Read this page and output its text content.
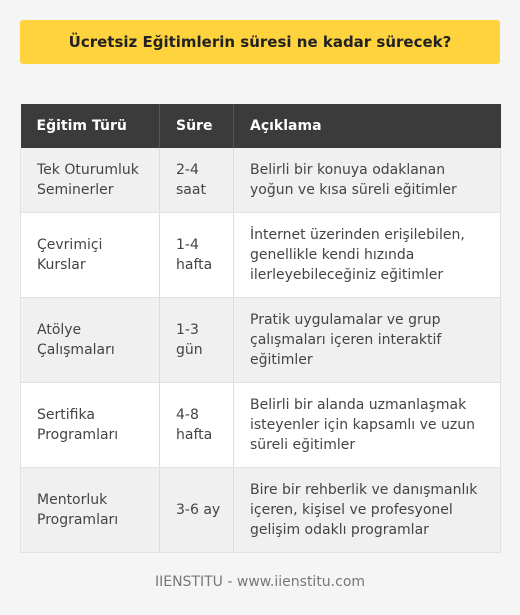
Ücretsiz Eğitimlerin süresi ne kadar sürecek?
Eğitim Türü	Süre	Açıklama
Tek Oturumluk Seminerler	2-4 saat	Belirli bir konuya odaklanan yoğun ve kısa süreli eğitimler
Çevrimiçi Kurslar	1-4 hafta	İnternet üzerinden erişilebilen, genellikle kendi hızında ilerleyebileceğiniz eğitimler
Atölye Çalışmaları	1-3 gün	Pratik uygulamalar ve grup çalışmaları içeren interaktif eğitimler
Sertifika Programları	4-8 hafta	Belirli bir alanda uzmanlaşmak isteyenler için kapsamlı ve uzun süreli eğitimler
Mentorluk Programları	3-6 ay	Bire bir rehberlik ve danışmanlık içeren, kişisel ve profesyonel gelişim odaklı programlar
IIENSTITU - www.iienstitu.com
